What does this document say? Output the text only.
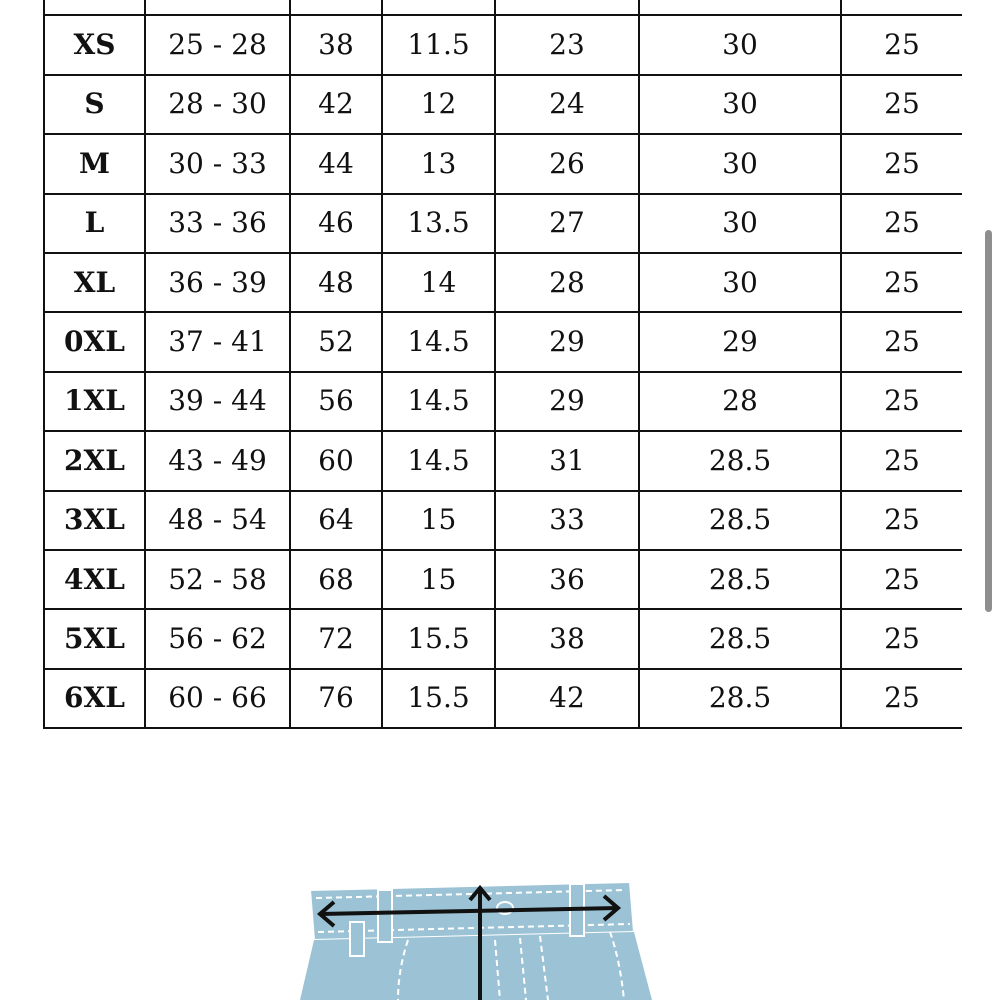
XS	25 - 28	38	11.5	23	30	25
S	28 - 30	42	12	24	30	25
M	30 - 33	44	13	26	30	25
L	33 - 36	46	13.5	27	30	25
XL	36 - 39	48	14	28	30	25
0XL	37 - 41	52	14.5	29	29	25
1XL	39 - 44	56	14.5	29	28	25
2XL	43 - 49	60	14.5	31	28.5	25
3XL	48 - 54	64	15	33	28.5	25
4XL	52 - 58	68	15	36	28.5	25
5XL	56 - 62	72	15.5	38	28.5	25
6XL	60 - 66	76	15.5	42	28.5	25
